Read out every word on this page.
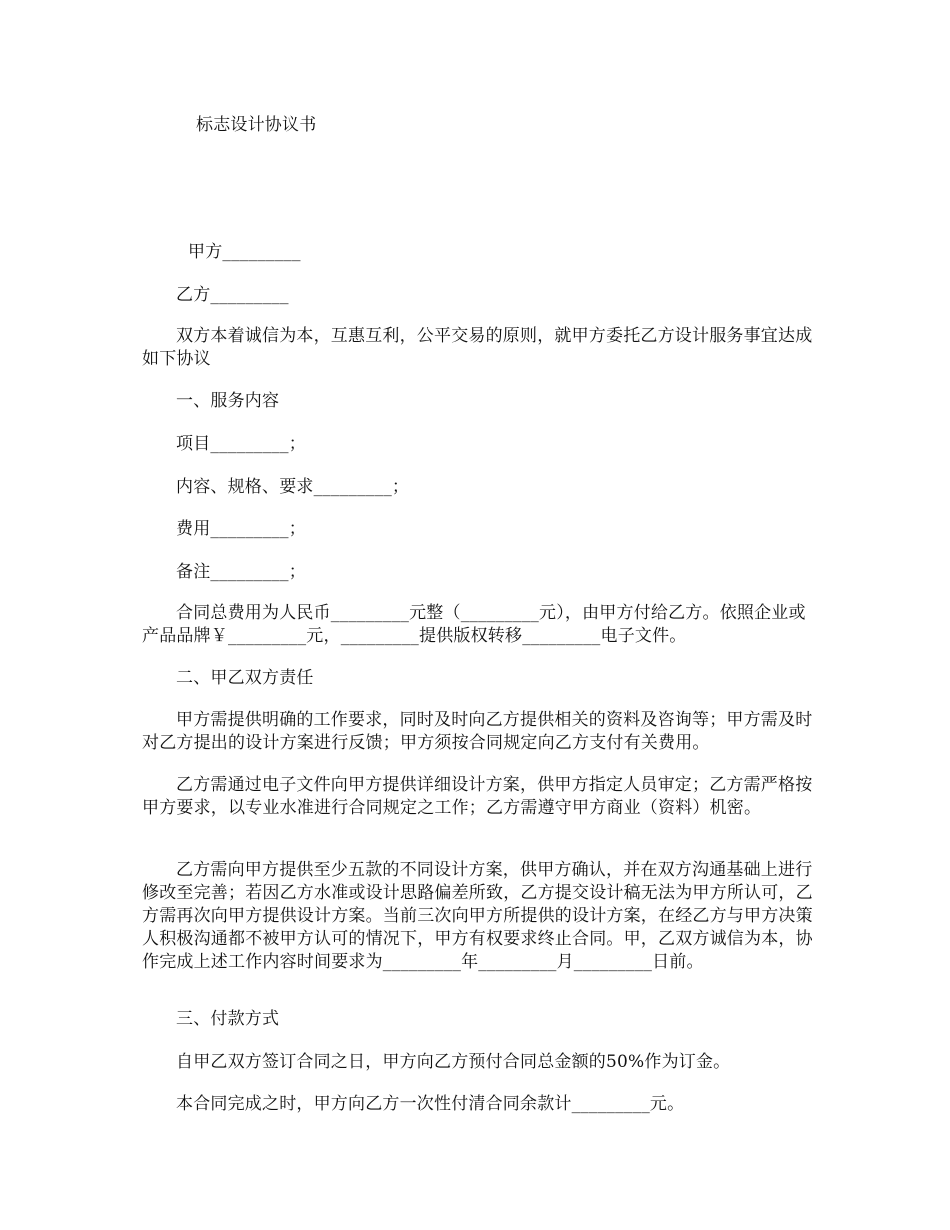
标志设计协议书
甲方_________
乙方_________
双方本着诚信为本，互惠互利，公平交易的原则，就甲方委托乙方设计服务事宜达成如下协议
一、服务内容
项目_________；
内容、规格、要求_________；
费用_________；
备注_________；
合同总费用为人民币_________元整（_________元），由甲方付给乙方。依照企业或产品品牌￥_________元，_________提供版权转移_________电子文件。
二、甲乙双方责任
甲方需提供明确的工作要求，同时及时向乙方提供相关的资料及咨询等；甲方需及时对乙方提出的设计方案进行反馈；甲方须按合同规定向乙方支付有关费用。
乙方需通过电子文件向甲方提供详细设计方案，供甲方指定人员审定；乙方需严格按甲方要求，以专业水准进行合同规定之工作；乙方需遵守甲方商业（资料）机密。
乙方需向甲方提供至少五款的不同设计方案，供甲方确认，并在双方沟通基础上进行修改至完善；若因乙方水准或设计思路偏差所致，乙方提交设计稿无法为甲方所认可，乙方需再次向甲方提供设计方案。当前三次向甲方所提供的设计方案，在经乙方与甲方决策人积极沟通都不被甲方认可的情况下，甲方有权要求终止合同。甲，乙双方诚信为本，协作完成上述工作内容时间要求为_________年_________月_________日前。
三、付款方式
自甲乙双方签订合同之日，甲方向乙方预付合同总金额的50%作为订金。
本合同完成之时，甲方向乙方一次性付清合同余款计_________元。
